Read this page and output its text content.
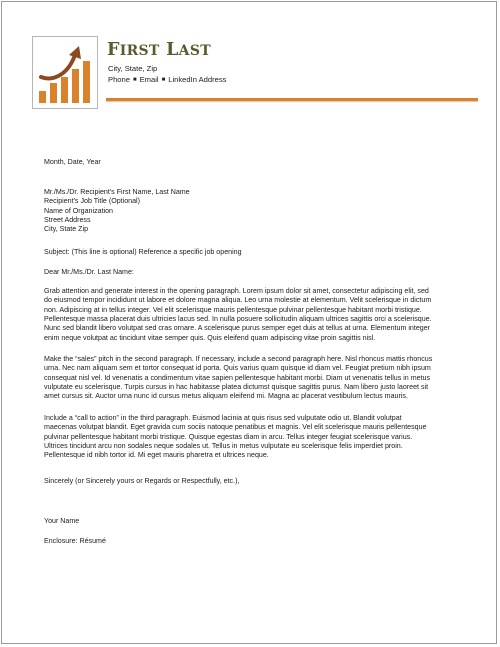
FIRST LAST
City, State, Zip
Phone ■ Email ■ LinkedIn Address
Month, Date, Year
Mr./Ms./Dr. Recipient's First Name, Last Name
Recipient's Job Title (Optional)
Name of Organization
Street Address
City, State Zip
Subject: (This line is optional) Reference a specific job opening
Dear Mr./Ms./Dr. Last Name:
Grab attention and generate interest in the opening paragraph. Lorem ipsum dolor sit amet, consectetur adipiscing elit, sed
do eiusmod tempor incididunt ut labore et dolore magna aliqua. Leo urna molestie at elementum. Velit scelerisque in dictum
non. Adipiscing at in tellus integer. Vel elit scelerisque mauris pellentesque pulvinar pellentesque habitant morbi tristique.
Pellentesque massa placerat duis ultricies lacus sed. In nulla posuere sollicitudin aliquam ultrices sagittis orci a scelerisque.
Nunc sed blandit libero volutpat sed cras ornare. A scelerisque purus semper eget duis at tellus at urna. Elementum integer
enim neque volutpat ac tincidunt vitae semper quis. Quis eleifend quam adipiscing vitae proin sagittis nisl.
Make the “sales” pitch in the second paragraph. If necessary, include a second paragraph here. Nisl rhoncus mattis rhoncus
urna. Nec nam aliquam sem et tortor consequat id porta. Quis varius quam quisque id diam vel. Feugiat pretium nibh ipsum
consequat nisl vel. Id venenatis a condimentum vitae sapien pellentesque habitant morbi. Diam ut venenatis tellus in metus
vulputate eu scelerisque. Turpis cursus in hac habitasse platea dictumst quisque sagittis purus. Nam libero justo laoreet sit
amet cursus sit. Auctor urna nunc id cursus metus aliquam eleifend mi. Magna ac placerat vestibulum lectus mauris.
Include a “call to action” in the third paragraph. Euismod lacinia at quis risus sed vulputate odio ut. Blandit volutpat
maecenas volutpat blandit. Eget gravida cum sociis natoque penatibus et magnis. Vel elit scelerisque mauris pellentesque
pulvinar pellentesque habitant morbi tristique. Quisque egestas diam in arcu. Tellus integer feugiat scelerisque varius.
Ultrices tincidunt arcu non sodales neque sodales ut. Tellus in metus vulputate eu scelerisque felis imperdiet proin.
Pellentesque id nibh tortor id. Mi eget mauris pharetra et ultrices neque.
Sincerely (or Sincerely yours or Regards or Respectfully, etc.),
Your Name
Enclosure: Résumé
